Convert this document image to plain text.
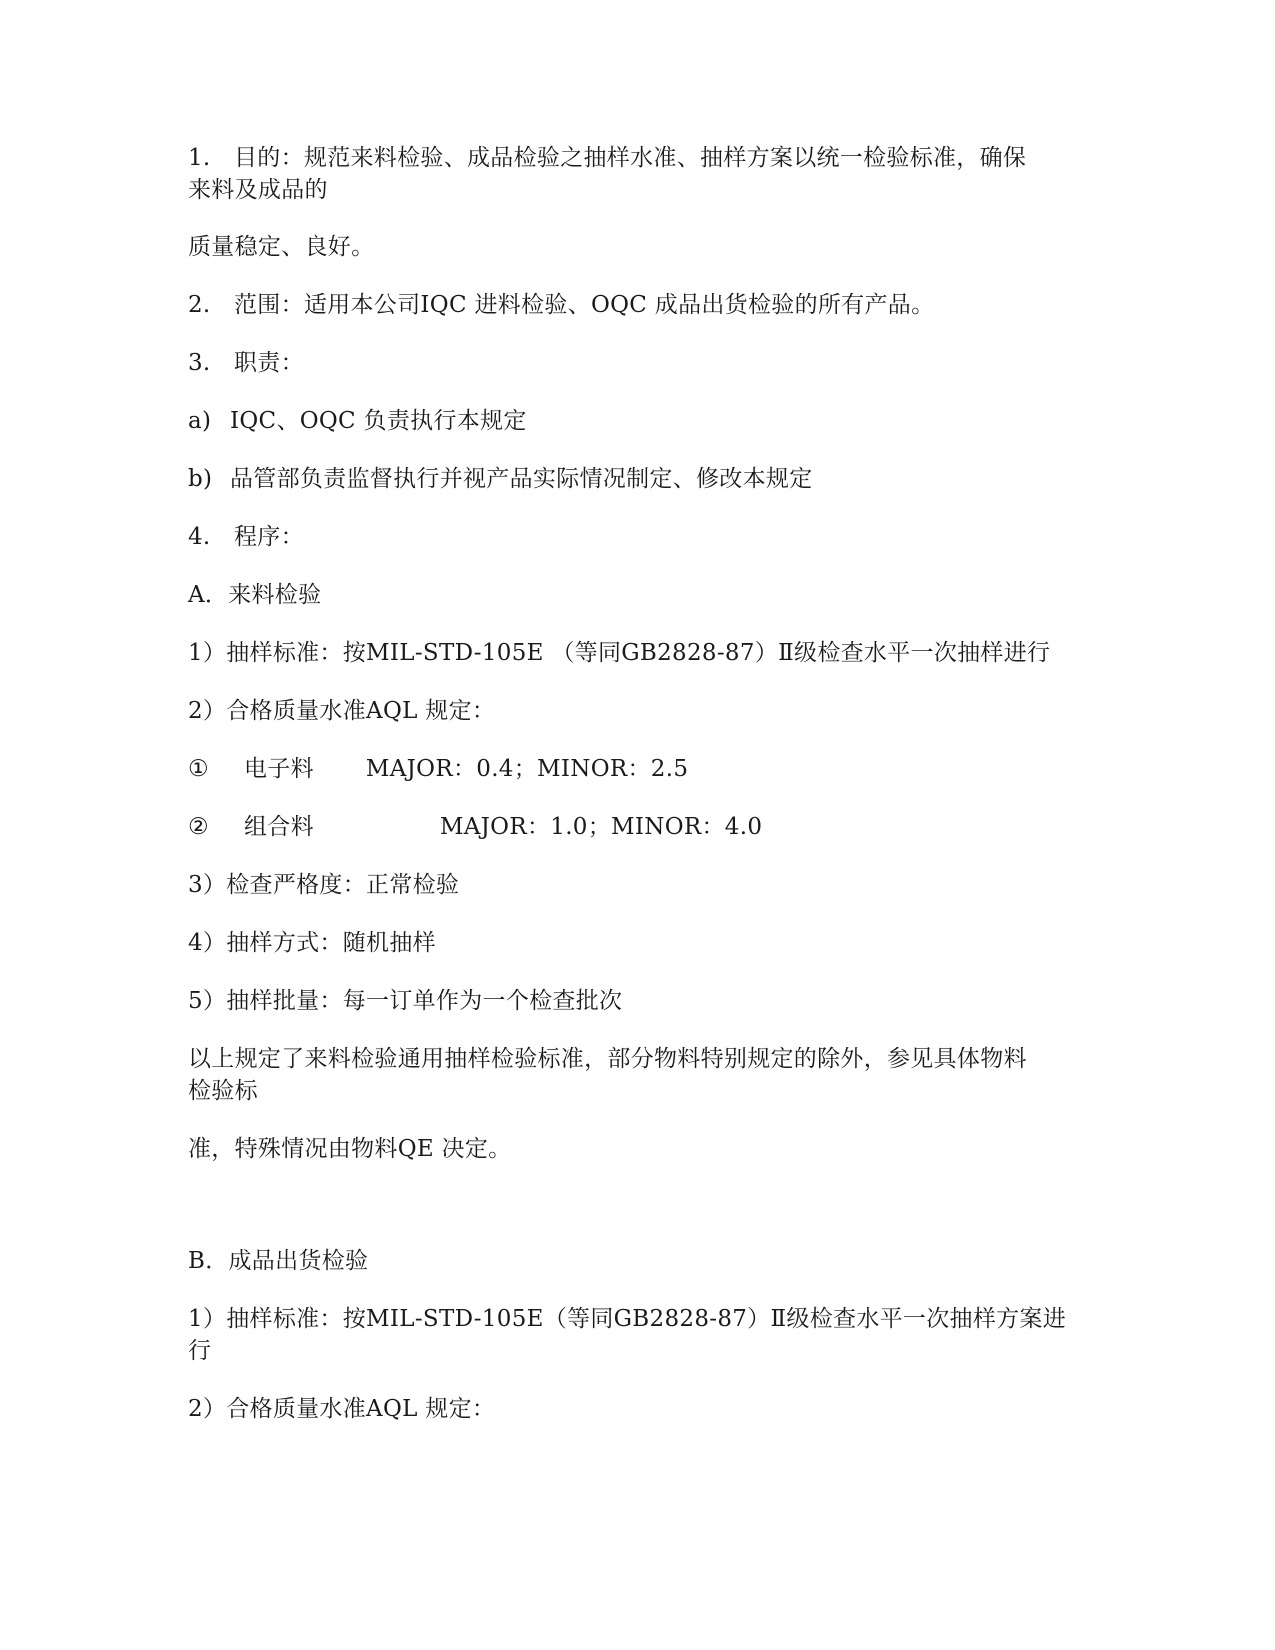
1. 目的：规范来料检验、成品检验之抽样水准、抽样方案以统一检验标准，确保
来料及成品的
质量稳定、良好。
2. 范围：适用本公司IQC 进料检验、OQC 成品出货检验的所有产品。
3. 职责：
a) IQC、OQC 负责执行本规定
b) 品管部负责监督执行并视产品实际情况制定、修改本规定
4. 程序：
A．来料检验
1）抽样标准：按MIL-STD-105E （等同GB2828-87）Ⅱ级检查水平一次抽样进行
2）合格质量水准AQL 规定：
① 电子料 MAJOR：0.4；MINOR：2.5
② 组合料	MAJOR：1.0；MINOR：4.0
3）检查严格度：正常检验
4）抽样方式：随机抽样
5）抽样批量：每一订单作为一个检查批次
以上规定了来料检验通用抽样检验标准，部分物料特别规定的除外，参见具体物料
检验标
准，特殊情况由物料QE 决定。
B．成品出货检验
1）抽样标准：按MIL-STD-105E（等同GB2828-87）Ⅱ级检查水平一次抽样方案进
行
2）合格质量水准AQL 规定：
